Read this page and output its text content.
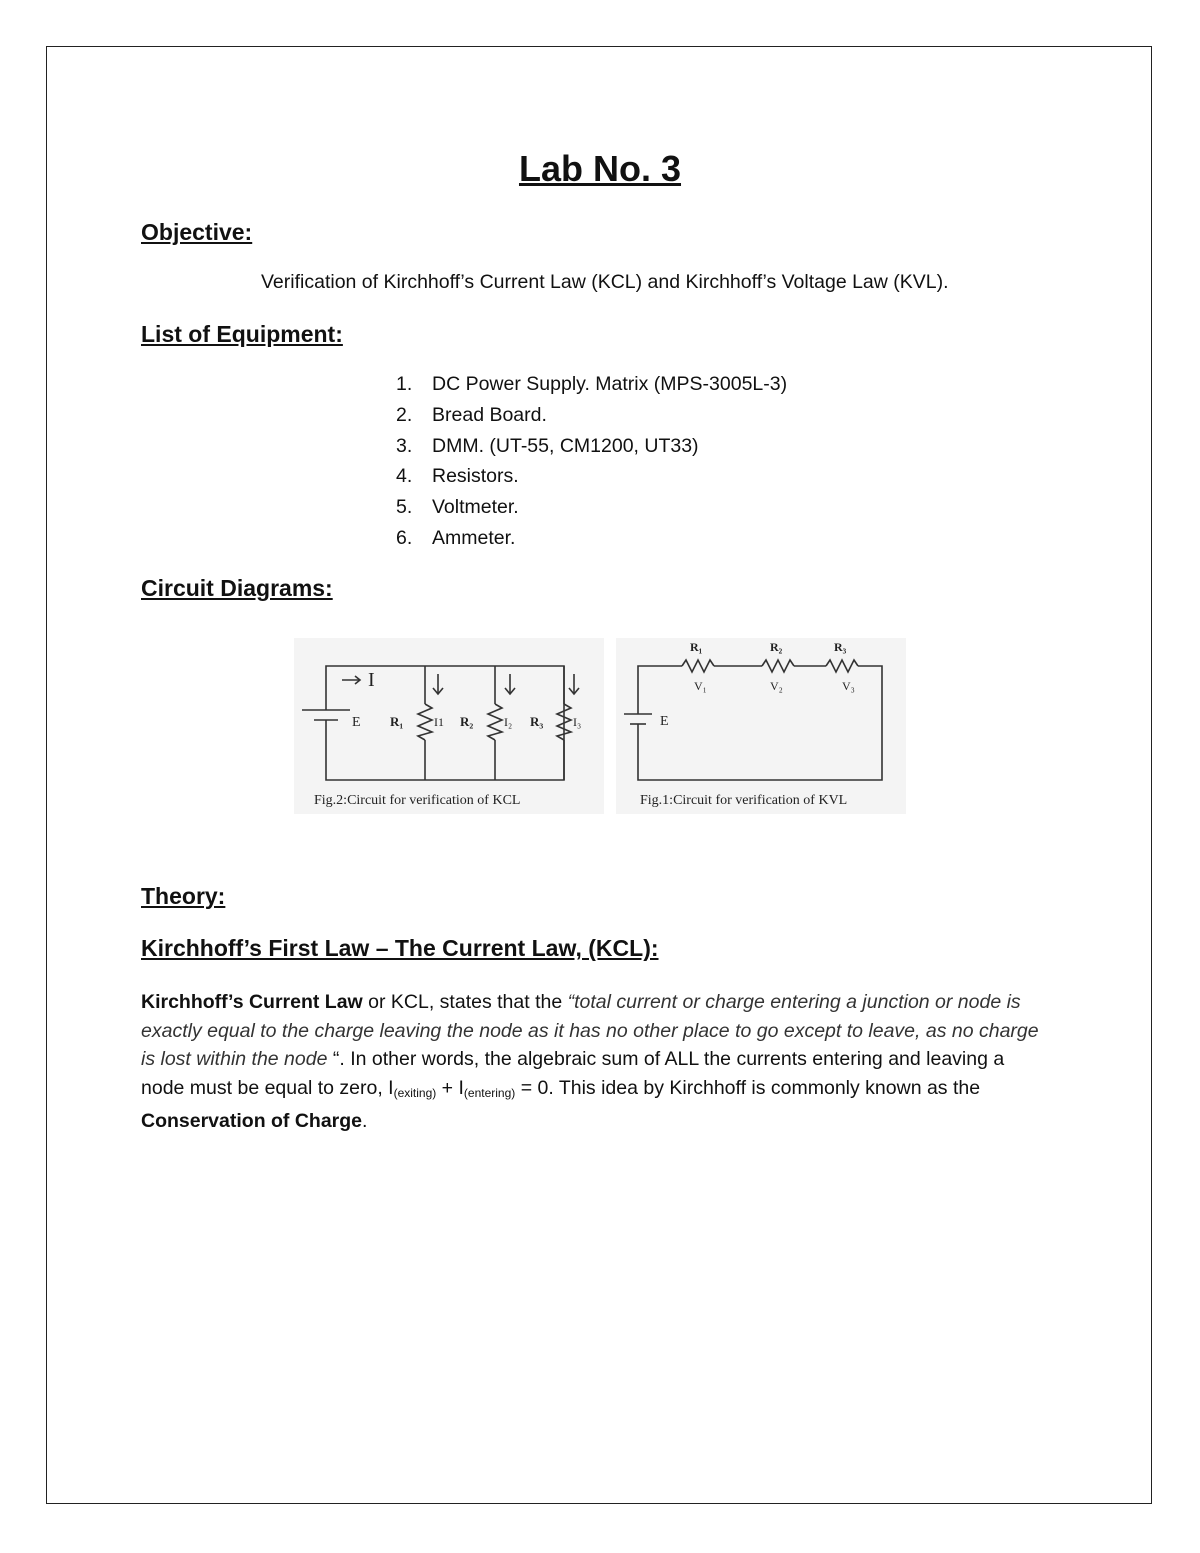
Lab No. 3
Objective:
Verification of Kirchhoff’s Current Law (KCL) and Kirchhoff’s Voltage Law (KVL).
List of Equipment:
1. DC Power Supply. Matrix (MPS-3005L-3)
2. Bread Board.
3. DMM. (UT-55, CM1200, UT33)
4. Resistors.
5. Voltmeter.
6. Ammeter.
Circuit Diagrams:
I
E R₁	I1 R₂	I₂ R₃ I₃
Fig.2:Circuit for verification of KCL
R₁	R₂	R₃
V₁	V₂	V₃
E
Fig.1:Circuit for verification of KVL
Theory:
Kirchhoff’s First Law – The Current Law, (KCL):
Kirchhoff’s Current Law or KCL, states that the “total current or charge entering a junction or node is exactly equal to the charge leaving the node as it has no other place to go except to leave, as no charge is lost within the node “. In other words, the algebraic sum of ALL the currents entering and leaving a node must be equal to zero, $I_{(exiting)} + I_{(entering)} = 0$. This idea by Kirchhoff is commonly known as the Conservation of Charge.
